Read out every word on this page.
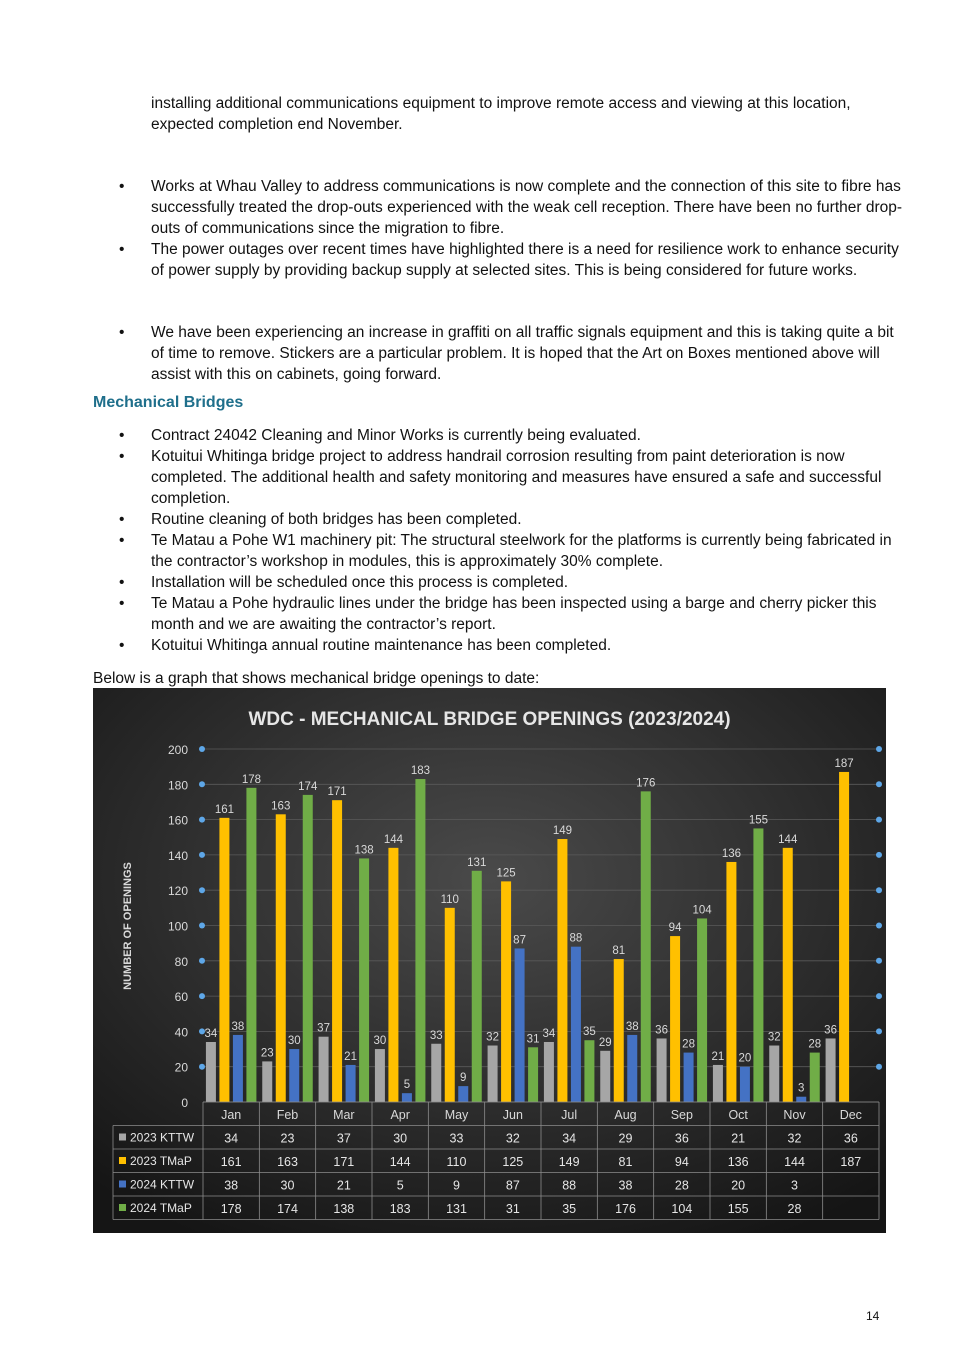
installing additional communications equipment to improve remote access and viewing at this location, expected completion end November.
• Works at Whau Valley to address communications is now complete and the connection of this site to fibre has successfully treated the drop-outs experienced with the weak cell reception. There have been no further drop-outs of communications since the migration to fibre.
• The power outages over recent times have highlighted there is a need for resilience work to enhance security of power supply by providing backup supply at selected sites. This is being considered for future works.
• We have been experiencing an increase in graffiti on all traffic signals equipment and this is taking quite a bit of time to remove. Stickers are a particular problem. It is hoped that the Art on Boxes mentioned above will assist with this on cabinets, going forward.
Mechanical Bridges
• Contract 24042 Cleaning and Minor Works is currently being evaluated.
• Kotuitui Whitinga bridge project to address handrail corrosion resulting from paint deterioration is now completed. The additional health and safety monitoring and measures have ensured a safe and successful completion.
• Routine cleaning of both bridges has been completed.
• Te Matau a Pohe W1 machinery pit: The structural steelwork for the platforms is currently being fabricated in the contractor’s workshop in modules, this is approximately 30% complete.
• Installation will be scheduled once this process is completed.
• Te Matau a Pohe hydraulic lines under the bridge has been inspected using a barge and cherry picker this month and we are awaiting the contractor’s report.
• Kotuitui Whitinga annual routine maintenance has been completed.
Below is a graph that shows mechanical bridge openings to date:
WDC - MECHANICAL BRIDGE OPENINGS (2023/2024)
0
20
40
60
80
100
120
140
160
180
200
NUMBER OF OPENINGS
34
23
37
30	33	32	34
29
36
21
32
36
161	163
171
144
110
125
149
81
94
136
144
187
38
30
21
5
9
87	88
38
28
20
3
178
174
138
183
131
31
35
176
104
155
28
Jan	Feb	Mar	Apr	May	Jun	Jul	Aug	Sep	Oct	Nov	Dec
2023 KTTW 34	23	37	30	33	32	34	29	36	21	32	36
2023 TMaP 161	163	171	144	110	125	149	81	94	136	144	187
2024 KTTW 38	30	21	5	9	87	88	38	28	20	3
2024 TMaP 178	174	138	183	131	31	35	176	104	155	28
14
